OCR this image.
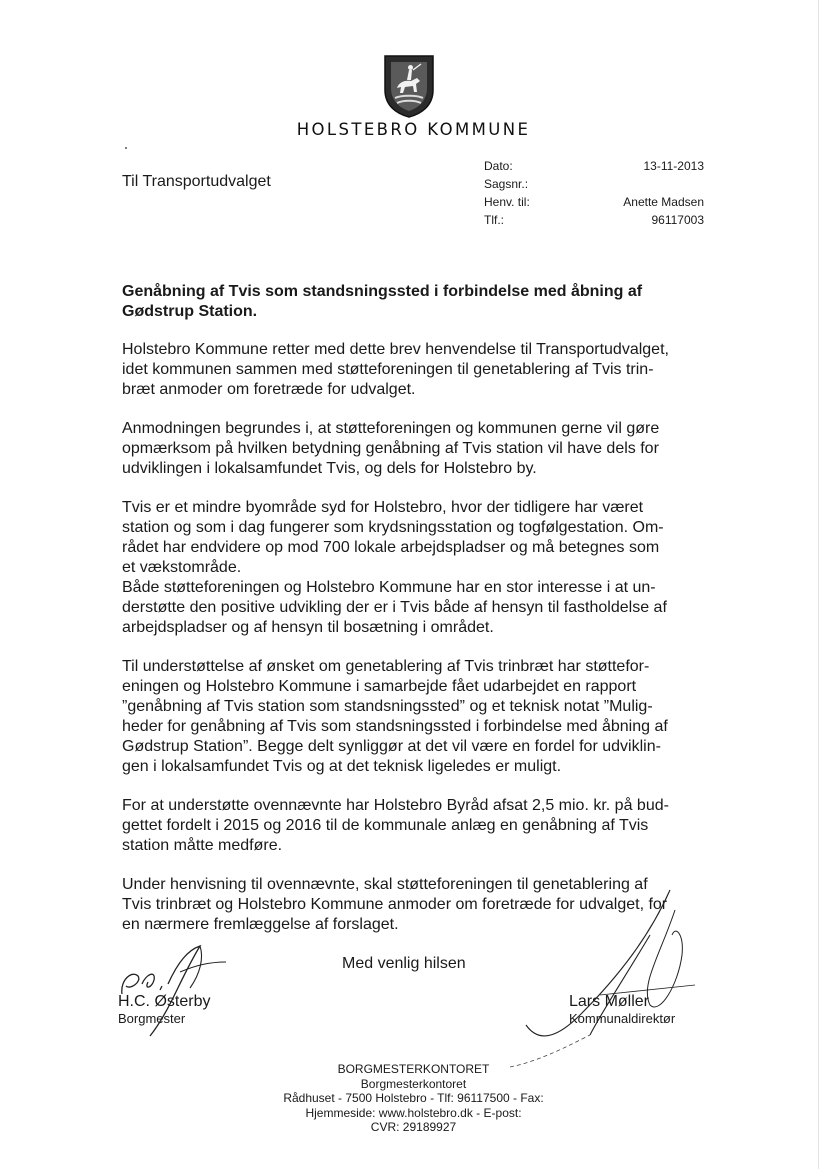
HOLSTEBRO KOMMUNE
Til Transportudvalget
Dato:	13-11-2013
Sagsnr.:
Henv. til:	Anette Madsen
Tlf.:	96117003
Genåbning af Tvis som standsningssted i forbindelse med åbning af Gødstrup Station.

Holstebro Kommune retter med dette brev henvendelse til Transportudvalget,
idet kommunen sammen med støtteforeningen til genetablering af Tvis trin-
bræt anmoder om foretræde for udvalget.

Anmodningen begrundes i, at støtteforeningen og kommunen gerne vil gøre
opmærksom på hvilken betydning genåbning af Tvis station vil have dels for
udviklingen i lokalsamfundet Tvis, og dels for Holstebro by.

Tvis er et mindre byområde syd for Holstebro, hvor der tidligere har været
station og som i dag fungerer som krydsningsstation og togfølgestation. Om-
rådet har endvidere op mod 700 lokale arbejdspladser og må betegnes som
et vækstområde.

Både støtteforeningen og Holstebro Kommune har en stor interesse i at un-
derstøtte den positive udvikling der er i Tvis både af hensyn til fastholdelse af
arbejdspladser og af hensyn til bosætning i området.

Til understøttelse af ønsket om genetablering af Tvis trinbræt har støttefor-
eningen og Holstebro Kommune i samarbejde fået udarbejdet en rapport
”genåbning af Tvis station som standsningssted” og et teknisk notat ”Mulig-
heder for genåbning af Tvis som standsningssted i forbindelse med åbning af
Gødstrup Station”. Begge delt synliggør at det vil være en fordel for udviklin-
gen i lokalsamfundet Tvis og at det teknisk ligeledes er muligt.

For at understøtte ovennævnte har Holstebro Byråd afsat 2,5 mio. kr. på bud-
gettet fordelt i 2015 og 2016 til de kommunale anlæg en genåbning af Tvis
station måtte medføre.

Under henvisning til ovennævnte, skal støtteforeningen til genetablering af
Tvis trinbræt og Holstebro Kommune anmoder om foretræde for udvalget, for
en nærmere fremlæggelse af forslaget.

Med venlig hilsen
H.C. Østerby
Borgmester
Lars Møller
Kommunaldirektør
BORGMESTERKONTORET
Borgmesterkontoret
Rådhuset - 7500 Holstebro - Tlf: 96117500 - Fax:
Hjemmeside: www.holstebro.dk - E-post:
CVR: 29189927
